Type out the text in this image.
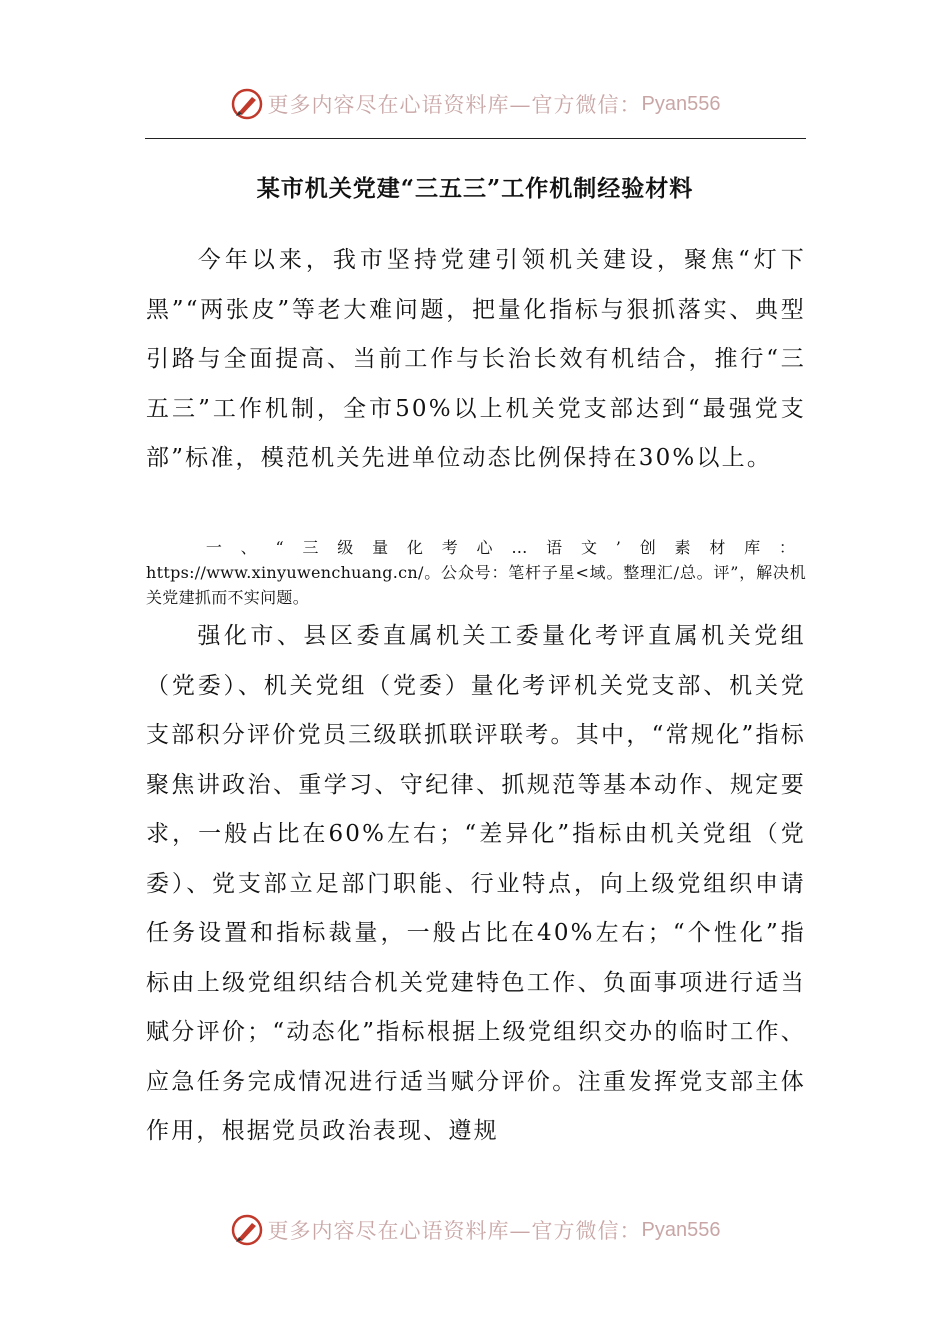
更多内容尽在心语资料库—官方微信： Pyan556
某市机关党建“三五三”工作机制经验材料

今年以来，我市坚持党建引领机关建设，聚焦“灯下黑”“两张皮”等老大难问题，把量化指标与狠抓落实、典型引路与全面提高、当前工作与长治长效有机结合，推行“三五三”工作机制，全市50%以上机关党支部达到“最强党支部”标准，模范机关先进单位动态比例保持在30%以上。

一、“三级量化考心…语文’创素材库：https://www.xinyuwenchuang.cn/。公众号：笔杆子星<域。整理汇/总。评”，解决机关党建抓而不实问题。

强化市、县区委直属机关工委量化考评直属机关党组（党委）、机关党组（党委）量化考评机关党支部、机关党支部积分评价党员三级联抓联评联考。其中，“常规化”指标聚焦讲政治、重学习、守纪律、抓规范等基本动作、规定要求，一般占比在60%左右；“差异化”指标由机关党组（党委）、党支部立足部门职能、行业特点，向上级党组织申请任务设置和指标裁量，一般占比在40%左右；“个性化”指标由上级党组织结合机关党建特色工作、负面事项进行适当赋分评价；“动态化”指标根据上级党组织交办的临时工作、应急任务完成情况进行适当赋分评价。注重发挥党支部主体作用，根据党员政治表现、遵规

更多内容尽在心语资料库—官方微信： Pyan556
